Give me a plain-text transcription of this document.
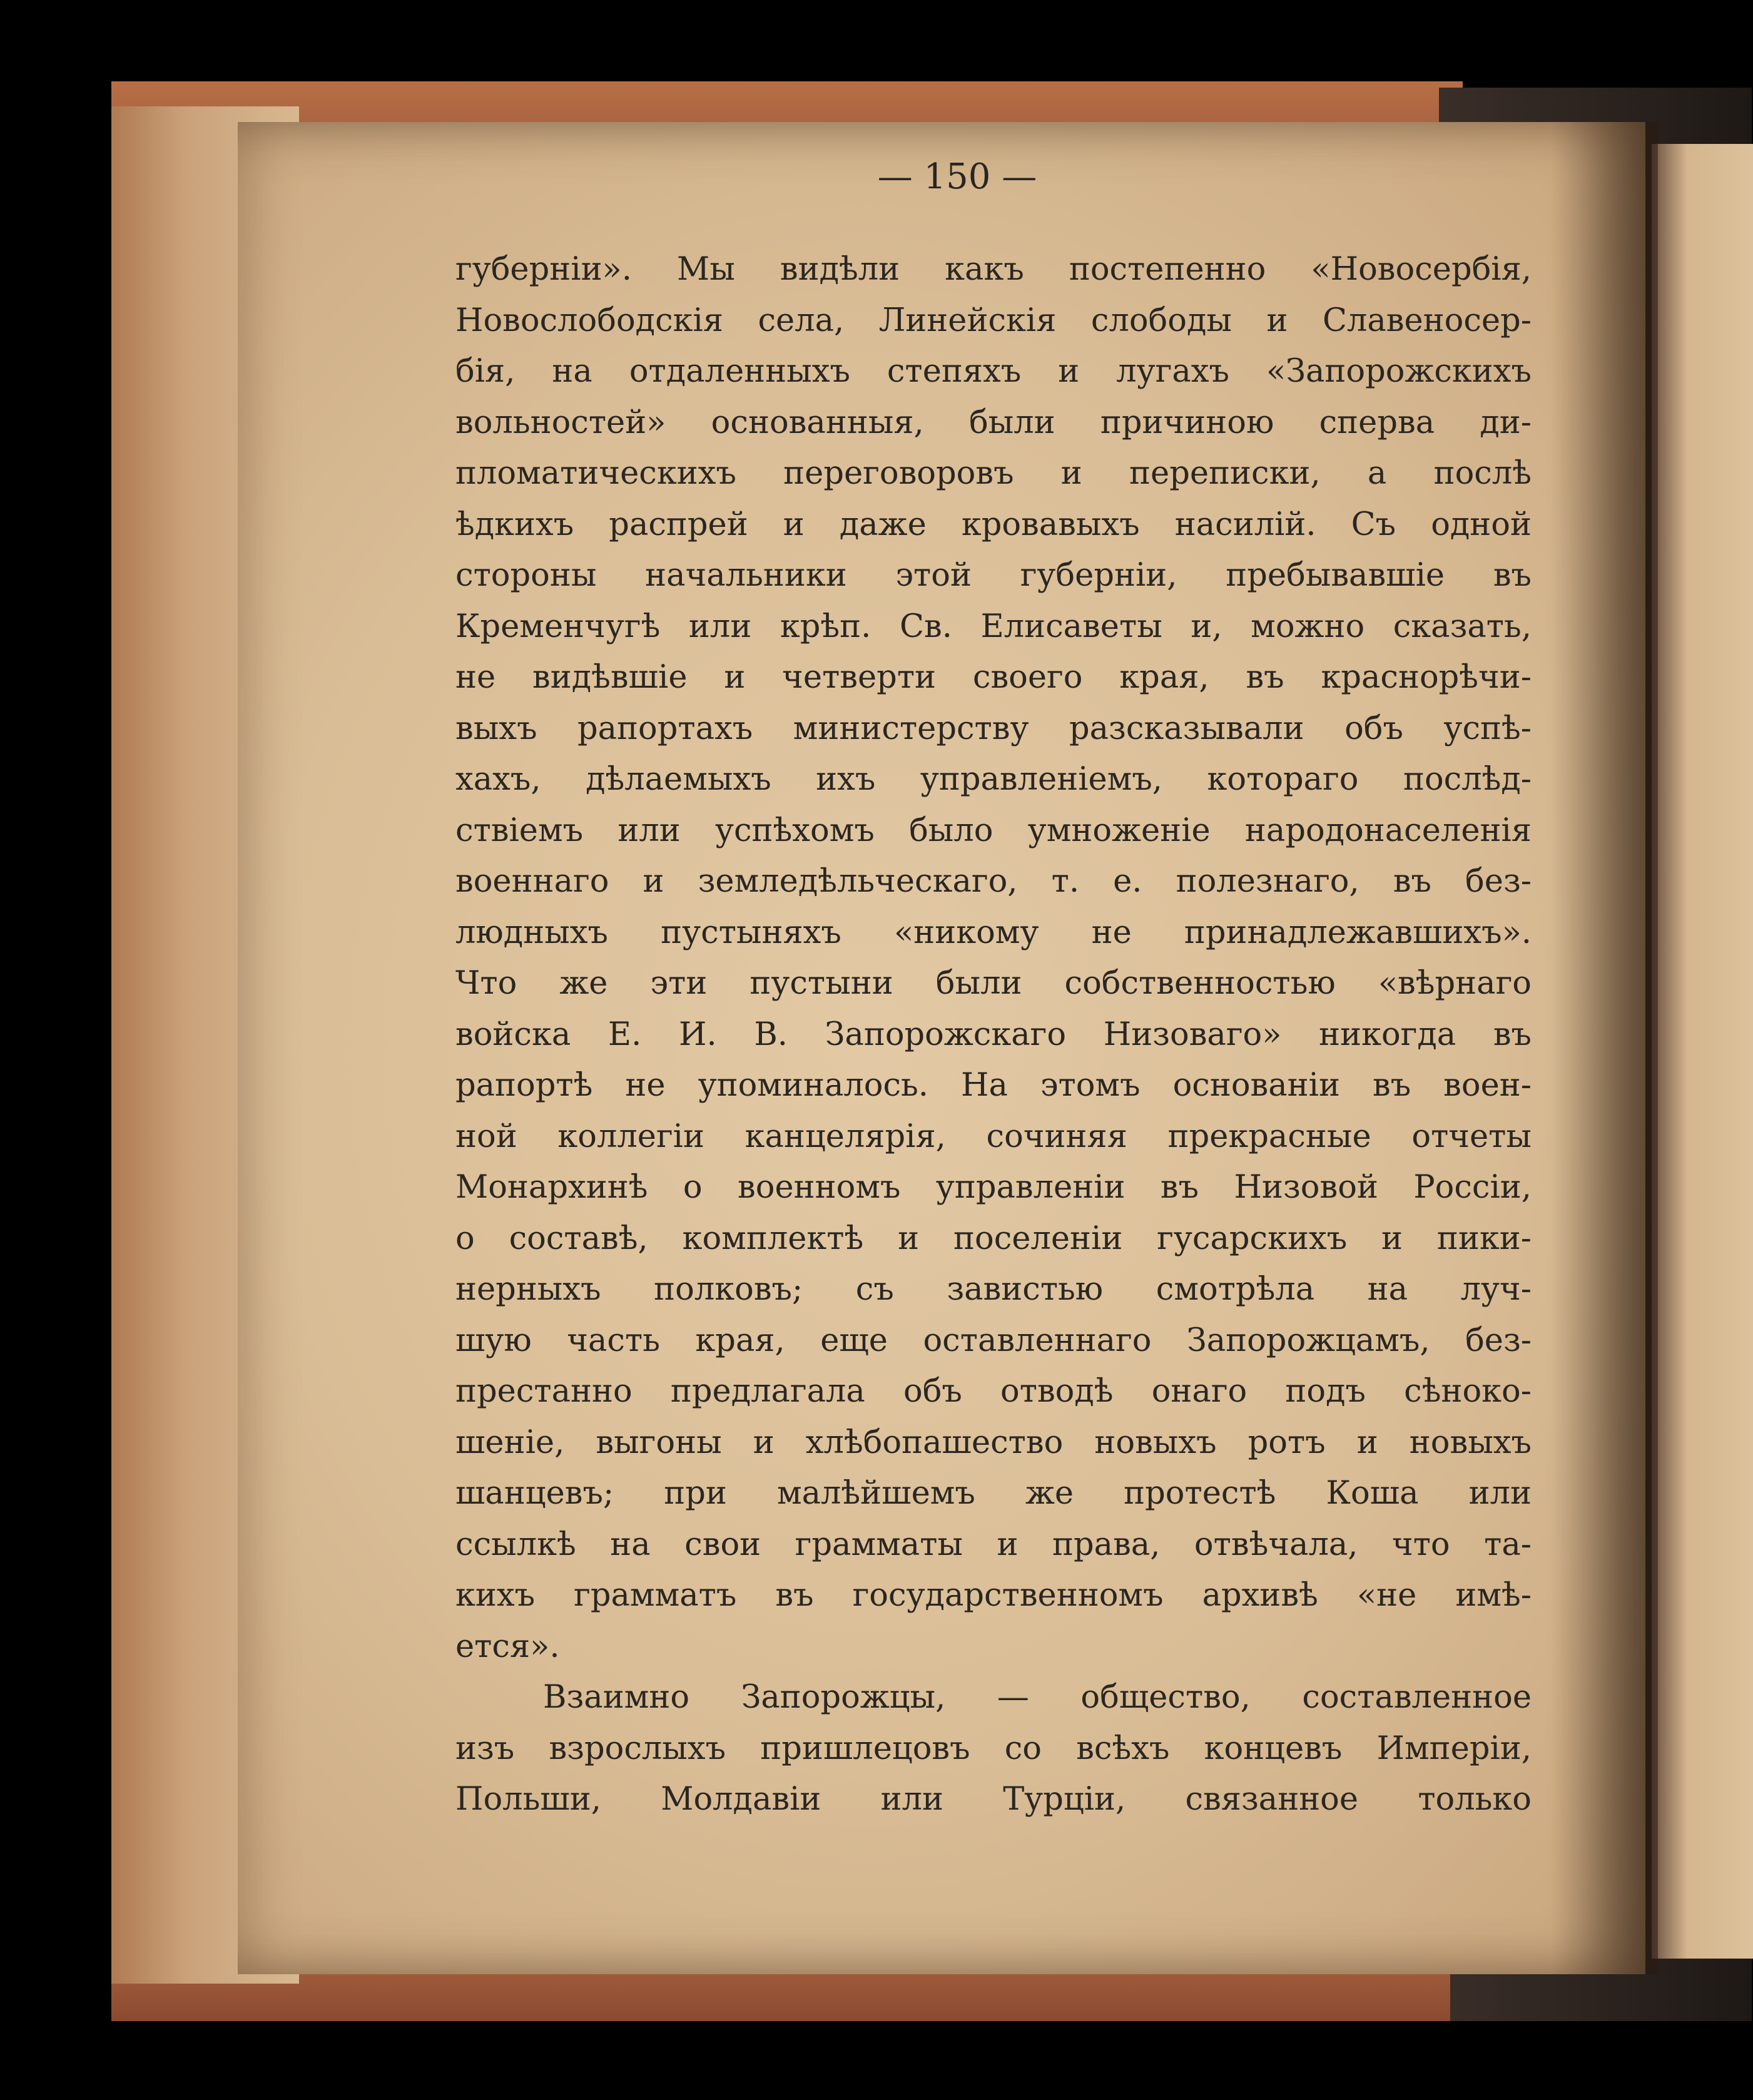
— 150 —
губерніи». Мы видѣли какъ постепенно «Новосербія,
Новослободскія села, Линейскія слободы и Славеносер-
бія, на отдаленныхъ степяхъ и лугахъ «Запорожскихъ
вольностей» основанныя, были причиною сперва ди-
пломатическихъ переговоровъ и переписки, а послѣ
ѣдкихъ распрей и даже кровавыхъ насилій. Съ одной
стороны начальники этой губерніи, пребывавшіе въ
Кременчугѣ или крѣп. Св. Елисаветы и, можно сказать,
не видѣвшіе и четверти своего края, въ краснорѣчи-
выхъ рапортахъ министерству разсказывали объ успѣ-
хахъ, дѣлаемыхъ ихъ управленіемъ, котораго послѣд-
ствіемъ или успѣхомъ было умноженіе народонаселенія
военнаго и земледѣльческаго, т. е. полезнаго, въ без-
людныхъ пустыняхъ «никому не принадлежавшихъ».
Что же эти пустыни были собственностью «вѣрнаго
войска Е. И. В. Запорожскаго Низоваго» никогда въ
рапортѣ не упоминалось. На этомъ основаніи въ воен-
ной коллегіи канцелярія, сочиняя прекрасные отчеты
Монархинѣ о военномъ управленіи въ Низовой Россіи,
о составѣ, комплектѣ и поселеніи гусарскихъ и пики-
нерныхъ полковъ; съ завистью смотрѣла на луч-
шую часть края, еще оставленнаго Запорожцамъ, без-
престанно предлагала объ отводѣ онаго подъ сѣноко-
шеніе, выгоны и хлѣбопашество новыхъ ротъ и новыхъ
шанцевъ; при малѣйшемъ же протестѣ Коша или
ссылкѣ на свои грамматы и права, отвѣчала, что та-
кихъ грамматъ въ государственномъ архивѣ «не имѣ-
ется».
Взаимно Запорожцы, — общество, составленное
изъ взрослыхъ пришлецовъ со всѣхъ концевъ Имперіи,
Польши, Молдавіи или Турціи, связанное только
